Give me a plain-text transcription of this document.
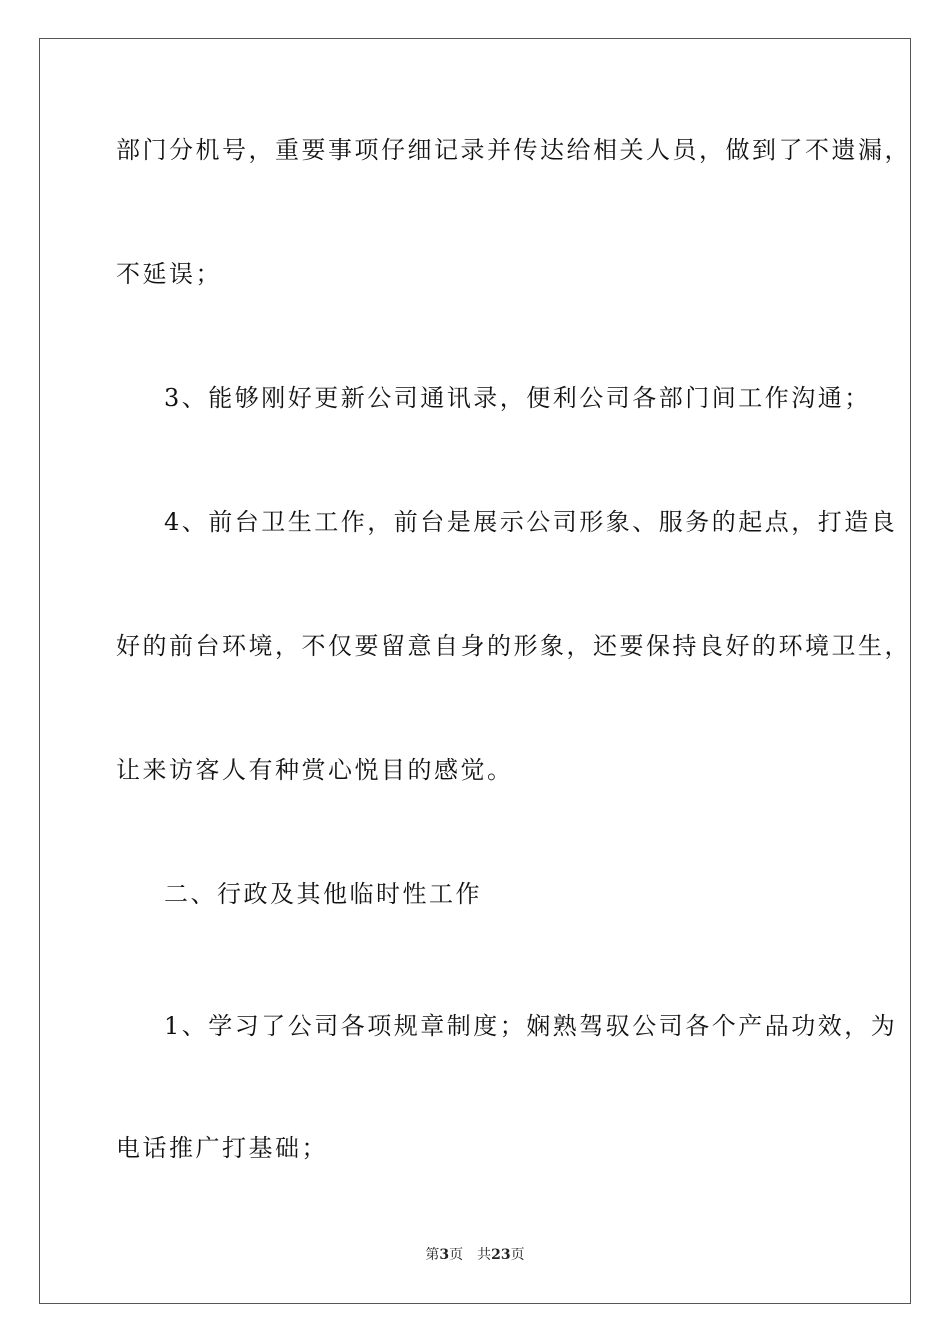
部门分机号，重要事项仔细记录并传达给相关人员，做到了不遗漏，
不延误；
3、能够刚好更新公司通讯录，便利公司各部门间工作沟通；
4、前台卫生工作，前台是展示公司形象、服务的起点，打造良
好的前台环境，不仅要留意自身的形象，还要保持良好的环境卫生，
让来访客人有种赏心悦目的感觉。
二、行政及其他临时性工作
1、学习了公司各项规章制度；娴熟驾驭公司各个产品功效，为
电话推广打基础；
第3页 共23页
